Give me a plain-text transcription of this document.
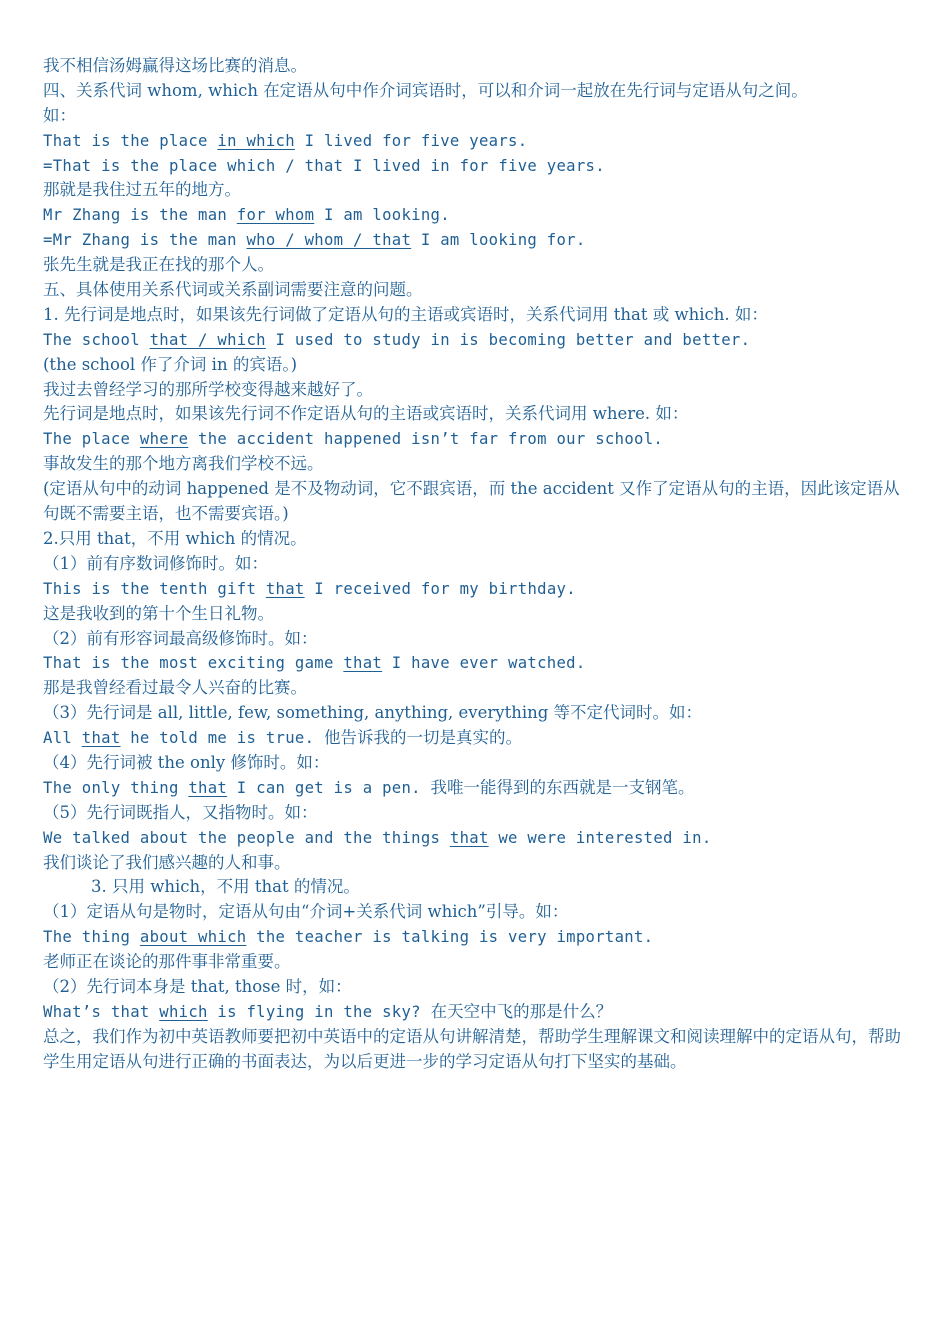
我不相信汤姆赢得这场比赛的消息。
四、关系代词 whom, which 在定语从句中作介词宾语时，可以和介词一起放在先行词与定语从句之间。
如：
That is the place in which I lived for five years.
=That is the place which / that I lived in for five years.
那就是我住过五年的地方。
Mr Zhang is the man for whom I am looking.
=Mr Zhang is the man who / whom / that I am looking for.
张先生就是我正在找的那个人。
五、具体使用关系代词或关系副词需要注意的问题。
1. 先行词是地点时，如果该先行词做了定语从句的主语或宾语时，关系代词用 that 或 which. 如：
The school that / which I used to study in is becoming better and better.
(the school 作了介词 in 的宾语。)
我过去曾经学习的那所学校变得越来越好了。
先行词是地点时，如果该先行词不作定语从句的主语或宾语时，关系代词用 where. 如：
The place where the accident happened isn’t far from our school.
事故发生的那个地方离我们学校不远。
(定语从句中的动词 happened 是不及物动词，它不跟宾语，而 the accident 又作了定语从句的主语，因此该定语从句既不需要主语，也不需要宾语。)
2.只用 that，不用 which 的情况。
（1）前有序数词修饰时。如：
This is the tenth gift that I received for my birthday.
这是我收到的第十个生日礼物。
（2）前有形容词最高级修饰时。如：
That is the most exciting game that I have ever watched.
那是我曾经看过最令人兴奋的比赛。
（3）先行词是 all, little, few, something, anything, everything 等不定代词时。如：
All that he told me is true. 他告诉我的一切是真实的。
（4）先行词被 the only 修饰时。如：
The only thing that I can get is a pen. 我唯一能得到的东西就是一支钢笔。
（5）先行词既指人，又指物时。如：
We talked about the people and the things that we were interested in.
我们谈论了我们感兴趣的人和事。
3. 只用 which，不用 that 的情况。
（1）定语从句是物时，定语从句由“介词+关系代词 which”引导。如：
The thing about which the teacher is talking is very important.
老师正在谈论的那件事非常重要。
（2）先行词本身是 that, those 时，如：
What’s that which is flying in the sky? 在天空中飞的那是什么？
总之，我们作为初中英语教师要把初中英语中的定语从句讲解清楚，帮助学生理解课文和阅读理解中的定语从句，帮助学生用定语从句进行正确的书面表达，为以后更进一步的学习定语从句打下坚实的基础。
